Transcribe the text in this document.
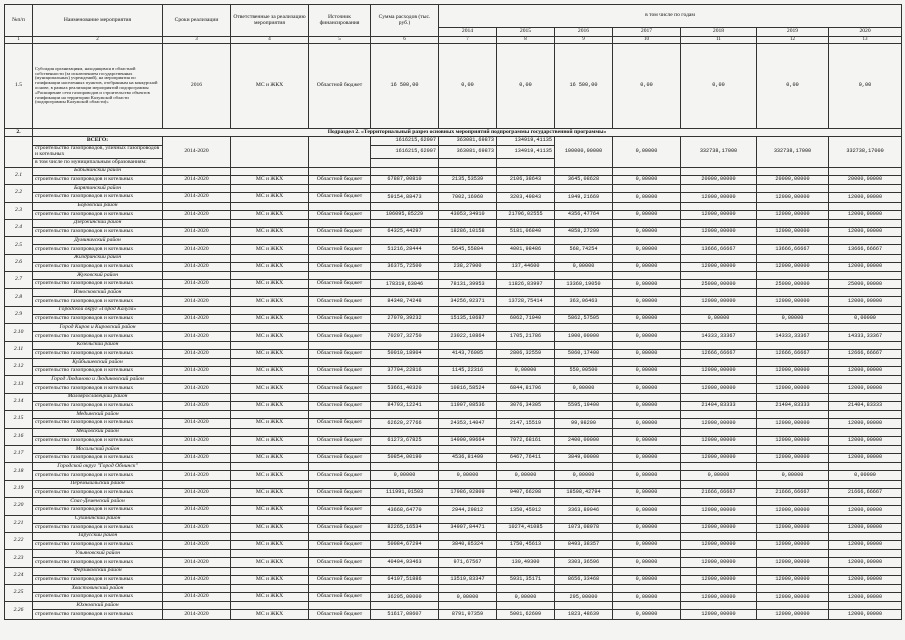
№п/п	Наименование мероприятия	Сроки реализации	Ответственные за реализацию мероприятия	Источник финансирования	Сумма расходов (тыс. руб.)	в том числе по годам						
						2014	2015	2016	2017	2018	2019	2020
1	2	3	4	5	6	7	8	9	10	11	12	13
1.5	Субсидия организациям, находящимся в областной собственности (за исключением государственных (муниципальных) учреждений), на мероприятия по газификации населенных пунктов, отобранным на конкурсной основе, в рамках реализации мероприятий подпрограммы «Расширение сети газопроводов и строительство объектов газификации на территории Калужской области (подпрограммы Калужской области)»	2016	МС и ЖКХ	Областной бюджет	16 500,00	0,00	0,00	16 500,00	0,00	0,00	0,00	0,00
2.	Подраздел 2. «Территориальный разрез основных мероприятий подпрограммы государственной программы»											
	ВСЕГО:	2014-2020			1616215,62007	363081,69873	134919,41135	100000,00000	0,00000	332738,17000	332738,17000	332738,17000
	строительство газопроводов, уличных газопроводов и котельных				1616215,62007	363081,69873	134919,41135					
	в том числе по муниципальным образованиям:											
2.1	Бабынинский район											
	строительство газопроводов и котельных	2014-2020	МС и ЖКХ	Областной бюджет	67887,00810	2135,53539	2106,38643	3645,08628	0,00000	20000,00000	20000,00000	20000,00000
2.2	Барятинский район											
	строительство газопроводов и котельных	2014-2020	МС и ЖКХ	Областной бюджет	59154,88473	7002,16960	3203,49843	1949,21669	0,00000	12000,00000	12000,00000	12000,00000
2.3	Боровский район											
	строительство газопроводов и котельных	2014-2020	МС и ЖКХ	Областной бюджет	106095,85229	43053,34910	21796,02555	4356,47764	0,00000	12000,00000	12000,00000	12000,00000
2.4	Дзержинский район											
	строительство газопроводов и котельных	2014-2020	МС и ЖКХ	Областной бюджет	64325,44297	18286,10158	5181,06840	4858,27299	0,00000	12000,00000	12000,00000	12000,00000
2.5	Думиничский район											
	строительство газопроводов и котельных	2014-2020	МС и ЖКХ	Областной бюджет	51216,28444	5645,55804	4001,98486	568,74254	0,00000	13666,66667	13666,66667	13666,66667
2.6	Жиздринский район											
	строительство газопроводов и котельных	2014-2020	МС и ЖКХ	Областной бюджет	36375,72500	238,27900	137,44600	0,00000	0,00000	12000,00000	12000,00000	12000,00000
2.7	Жуковский район											
	строительство газопроводов и котельных	2014-2020	МС и ЖКХ	Областной бюджет	178319,63046	78131,39953	11826,83997	13360,19050	0,00000	25000,00000	25000,00000	25000,00000
2.8	Износковский район											
	строительство газопроводов и котельных	2014-2020	МС и ЖКХ	Областной бюджет	84348,74248	34256,92371	13728,75414	363,06463	0,00000	12000,00000	12000,00000	12000,00000
2.9	Городской округ «Город Калуга»											
	строительство газопроводов и котельных	2014-2020	МС и ЖКХ	Областной бюджет	27070,39232	15135,10687	6062,71040	5862,57505	0,00000	0,00000	0,00000	0,00000
2.10	Город Киров и Кировский район											
	строительство газопроводов и котельных	2014-2020	МС и ЖКХ	Областной бюджет	70207,32750	23022,10864	1705,21786	1900,00000	0,00000	14333,33367	14333,33367	14333,33367
2.11	Козельский район											
	строительство газопроводов и котельных	2014-2020	МС и ЖКХ	Областной бюджет	50010,18904	4143,76005	2806,32559	5060,17400	0,00000	12666,66667	12666,66667	12666,66667
2.12	Куйбышевский район											
	строительство газопроводов и котельных	2014-2020	МС и ЖКХ	Областной бюджет	37704,22816	1145,22316	0,00000	559,00500	0,00000	12000,00000	12000,00000	12000,00000
2.13	Город Людиново и Людиновский район											
	строительство газопроводов и котельных	2014-2020	МС и ЖКХ	Областной бюджет	53661,40320	10816,58524	6844,81796	0,00000	0,00000	12000,00000	12000,00000	12000,00000
2.14	Малоярославецкий район											
	строительство газопроводов и котельных	2014-2020	МС и ЖКХ	Областной бюджет	84793,12241	11907,08536	3076,34305	5595,19400	0,00000	21404,83333	21404,83333	21404,83333
2.15	Медынский район											
	строительство газопроводов и котельных	2014-2020	МС и ЖКХ	Областной бюджет	62620,27766	24353,14047	2147,15519	99,98200	0,00000	12000,00000	12000,00000	12000,00000
2.16	Мещовский район											
	строительство газопроводов и котельных	2014-2020	МС и ЖКХ	Областной бюджет	61273,67825	14900,99664	7972,68161	2400,00000	0,00000	12000,00000	12000,00000	12000,00000
2.17	Мосальский район											
	строительство газопроводов и котельных	2014-2020	МС и ЖКХ	Областной бюджет	50854,00190	4536,81499	6467,76411	3849,00000	0,00000	12000,00000	12000,00000	12000,00000
2.18	Городской округ "Город Обнинск"											
	строительство газопроводов и котельных	2014-2020	МС и ЖКХ	Областной бюджет	0,00000	0,00000	0,00000	0,00000	0,00000	0,00000	0,00000	0,00000
2.19	Перемышльский район											
	строительство газопроводов и котельных	2014-2020	МС и ЖКХ	Областной бюджет	111991,01503	17986,92809	9407,66298	18598,42794	0,00000	21666,66667	21666,66667	21666,66667
2.20	Спас-Деменский район											
	строительство газопроводов и котельных	2014-2020	МС и ЖКХ	Областной бюджет	43668,64770	2944,29812	1350,45912	3363,89046	0,00000	12000,00000	12000,00000	12000,00000
2.21	Сухиничский район											
	строительство газопроводов и котельных	2014-2020	МС и ЖКХ	Областной бюджет	82265,16534	34907,84471	10274,41085	1073,08978	0,00000	12000,00000	12000,00000	12000,00000
2.22	Тарусский район											
	строительство газопроводов и котельных	2014-2020	МС и ЖКХ	Областной бюджет	50084,67294	3840,85324	1750,45613	8493,38357	0,00000	12000,00000	12000,00000	12000,00000
2.23	Ульяновский район											
	строительство газопроводов и котельных	2014-2020	МС и ЖКХ	Областной бюджет	40404,93463	971,67567	130,49300	3303,36596	0,00000	12000,00000	12000,00000	12000,00000
2.24	Ферзиковский район											
	строительство газопроводов и котельных	2014-2020	МС и ЖКХ	Областной бюджет	64107,51886	13519,83347	5931,35171	8656,33468	0,00000	12000,00000	12000,00000	12000,00000
2.25	Хвастовичский район											
	строительство газопроводов и котельных	2014-2020	МС и ЖКХ	Областной бюджет	36295,00000	0,00000	0,00000	295,00000	0,00000	12000,00000	12000,00000	12000,00000
2.26	Юхновский район											
	строительство газопроводов и котельных	2014-2020	МС и ЖКХ	Областной бюджет	51617,08607	8791,97359	5001,62609	1823,48639	0,00000	12000,00000	12000,00000	12000,00000
